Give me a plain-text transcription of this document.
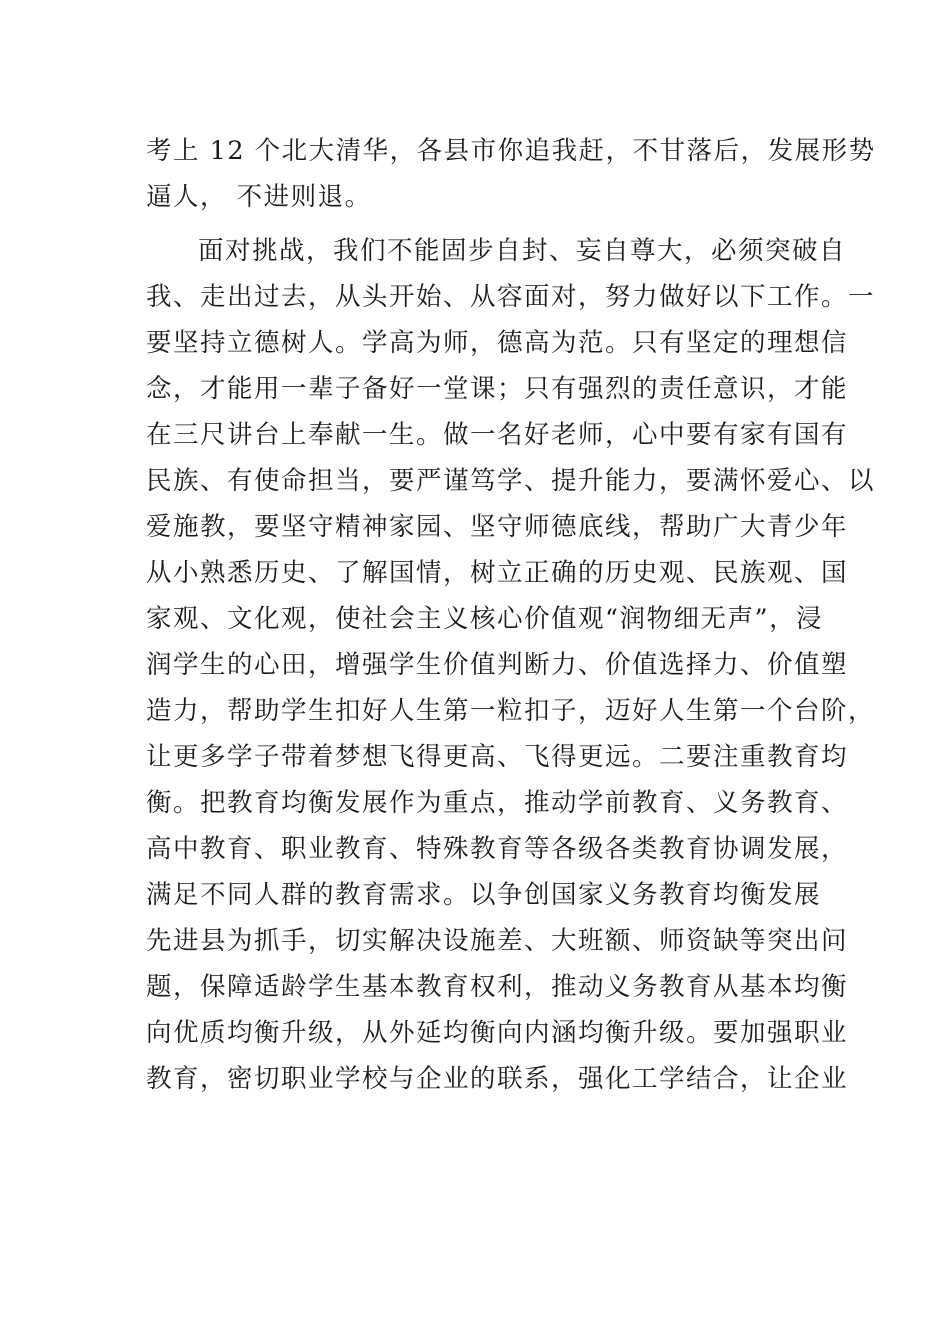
考上 12 个北大清华，各县市你追我赶，不甘落后，发展形势
逼人， 不进则退。
面对挑战，我们不能固步自封、妄自尊大，必须突破自
我、走出过去，从头开始、从容面对，努力做好以下工作。一
要坚持立德树人。学高为师，德高为范。只有坚定的理想信
念，才能用一辈子备好一堂课；只有强烈的责任意识，才能
在三尺讲台上奉献一生。做一名好老师，心中要有家有国有
民族、有使命担当，要严谨笃学、提升能力，要满怀爱心、以
爱施教，要坚守精神家园、坚守师德底线，帮助广大青少年
从小熟悉历史、了解国情，树立正确的历史观、民族观、国
家观、文化观，使社会主义核心价值观“润物细无声”，浸
润学生的心田，增强学生价值判断力、价值选择力、价值塑
造力，帮助学生扣好人生第一粒扣子，迈好人生第一个台阶，
让更多学子带着梦想飞得更高、飞得更远。二要注重教育均
衡。把教育均衡发展作为重点，推动学前教育、义务教育、
高中教育、职业教育、特殊教育等各级各类教育协调发展，
满足不同人群的教育需求。以争创国家义务教育均衡发展
先进县为抓手，切实解决设施差、大班额、师资缺等突出问
题，保障适龄学生基本教育权利，推动义务教育从基本均衡
向优质均衡升级，从外延均衡向内涵均衡升级。要加强职业
教育，密切职业学校与企业的联系，强化工学结合，让企业
